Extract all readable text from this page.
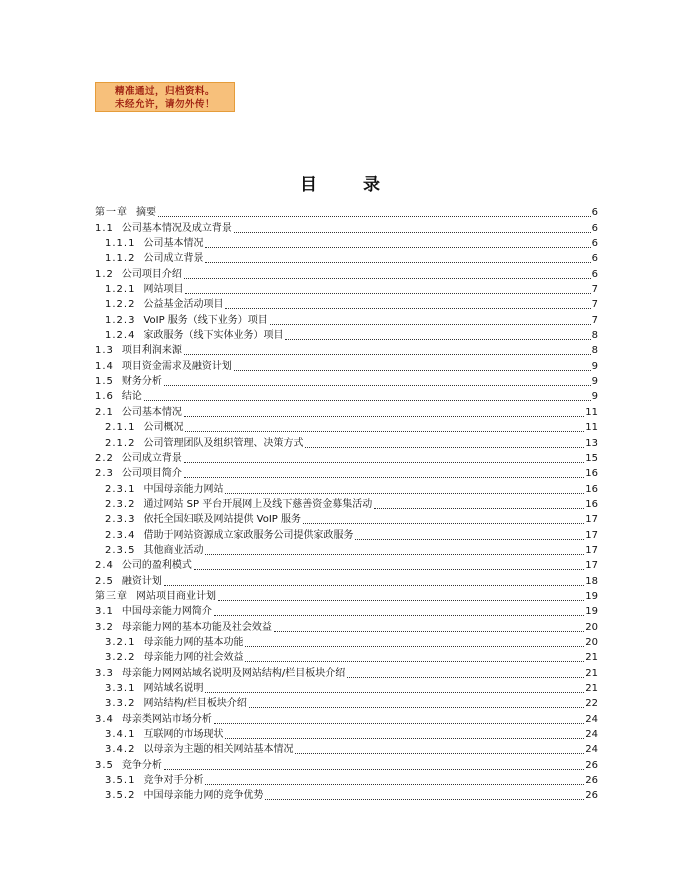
精准通过，归档资料。
未经允许，请勿外传！
目 录
第一章 摘要	6
1.1 公司基本情况及成立背景	6
1.1.1 公司基本情况	6
1.1.2 公司成立背景	6
1.2 公司项目介绍	6
1.2.1 网站项目	7
1.2.2 公益基金活动项目	7
1.2.3 VoIP 服务（线下业务）项目	7
1.2.4 家政服务（线下实体业务）项目	8
1.3 项目利润来源	8
1.4 项目资金需求及融资计划	9
1.5 财务分析	9
1.6 结论	9
2.1 公司基本情况	11
2.1.1 公司概况	11
2.1.2 公司管理团队及组织管理、决策方式	13
2.2 公司成立背景	15
2.3 公司项目简介	16
2.3.1 中国母亲能力网站	16
2.3.2 通过网站 SP 平台开展网上及线下慈善资金募集活动	16
2.3.3 依托全国妇联及网站提供 VoIP 服务	17
2.3.4 借助于网站资源成立家政服务公司提供家政服务	17
2.3.5 其他商业活动	17
2.4 公司的盈利模式	17
2.5 融资计划	18
第三章 网站项目商业计划	19
3.1 中国母亲能力网简介	19
3.2 母亲能力网的基本功能及社会效益	20
3.2.1 母亲能力网的基本功能	20
3.2.2 母亲能力网的社会效益	21
3.3 母亲能力网网站域名说明及网站结构/栏目板块介绍	21
3.3.1 网站域名说明	21
3.3.2 网站结构/栏目板块介绍	22
3.4 母亲类网站市场分析	24
3.4.1 互联网的市场现状	24
3.4.2 以母亲为主题的相关网站基本情况	24
3.5 竞争分析	26
3.5.1 竞争对手分析	26
3.5.2 中国母亲能力网的竞争优势	26
